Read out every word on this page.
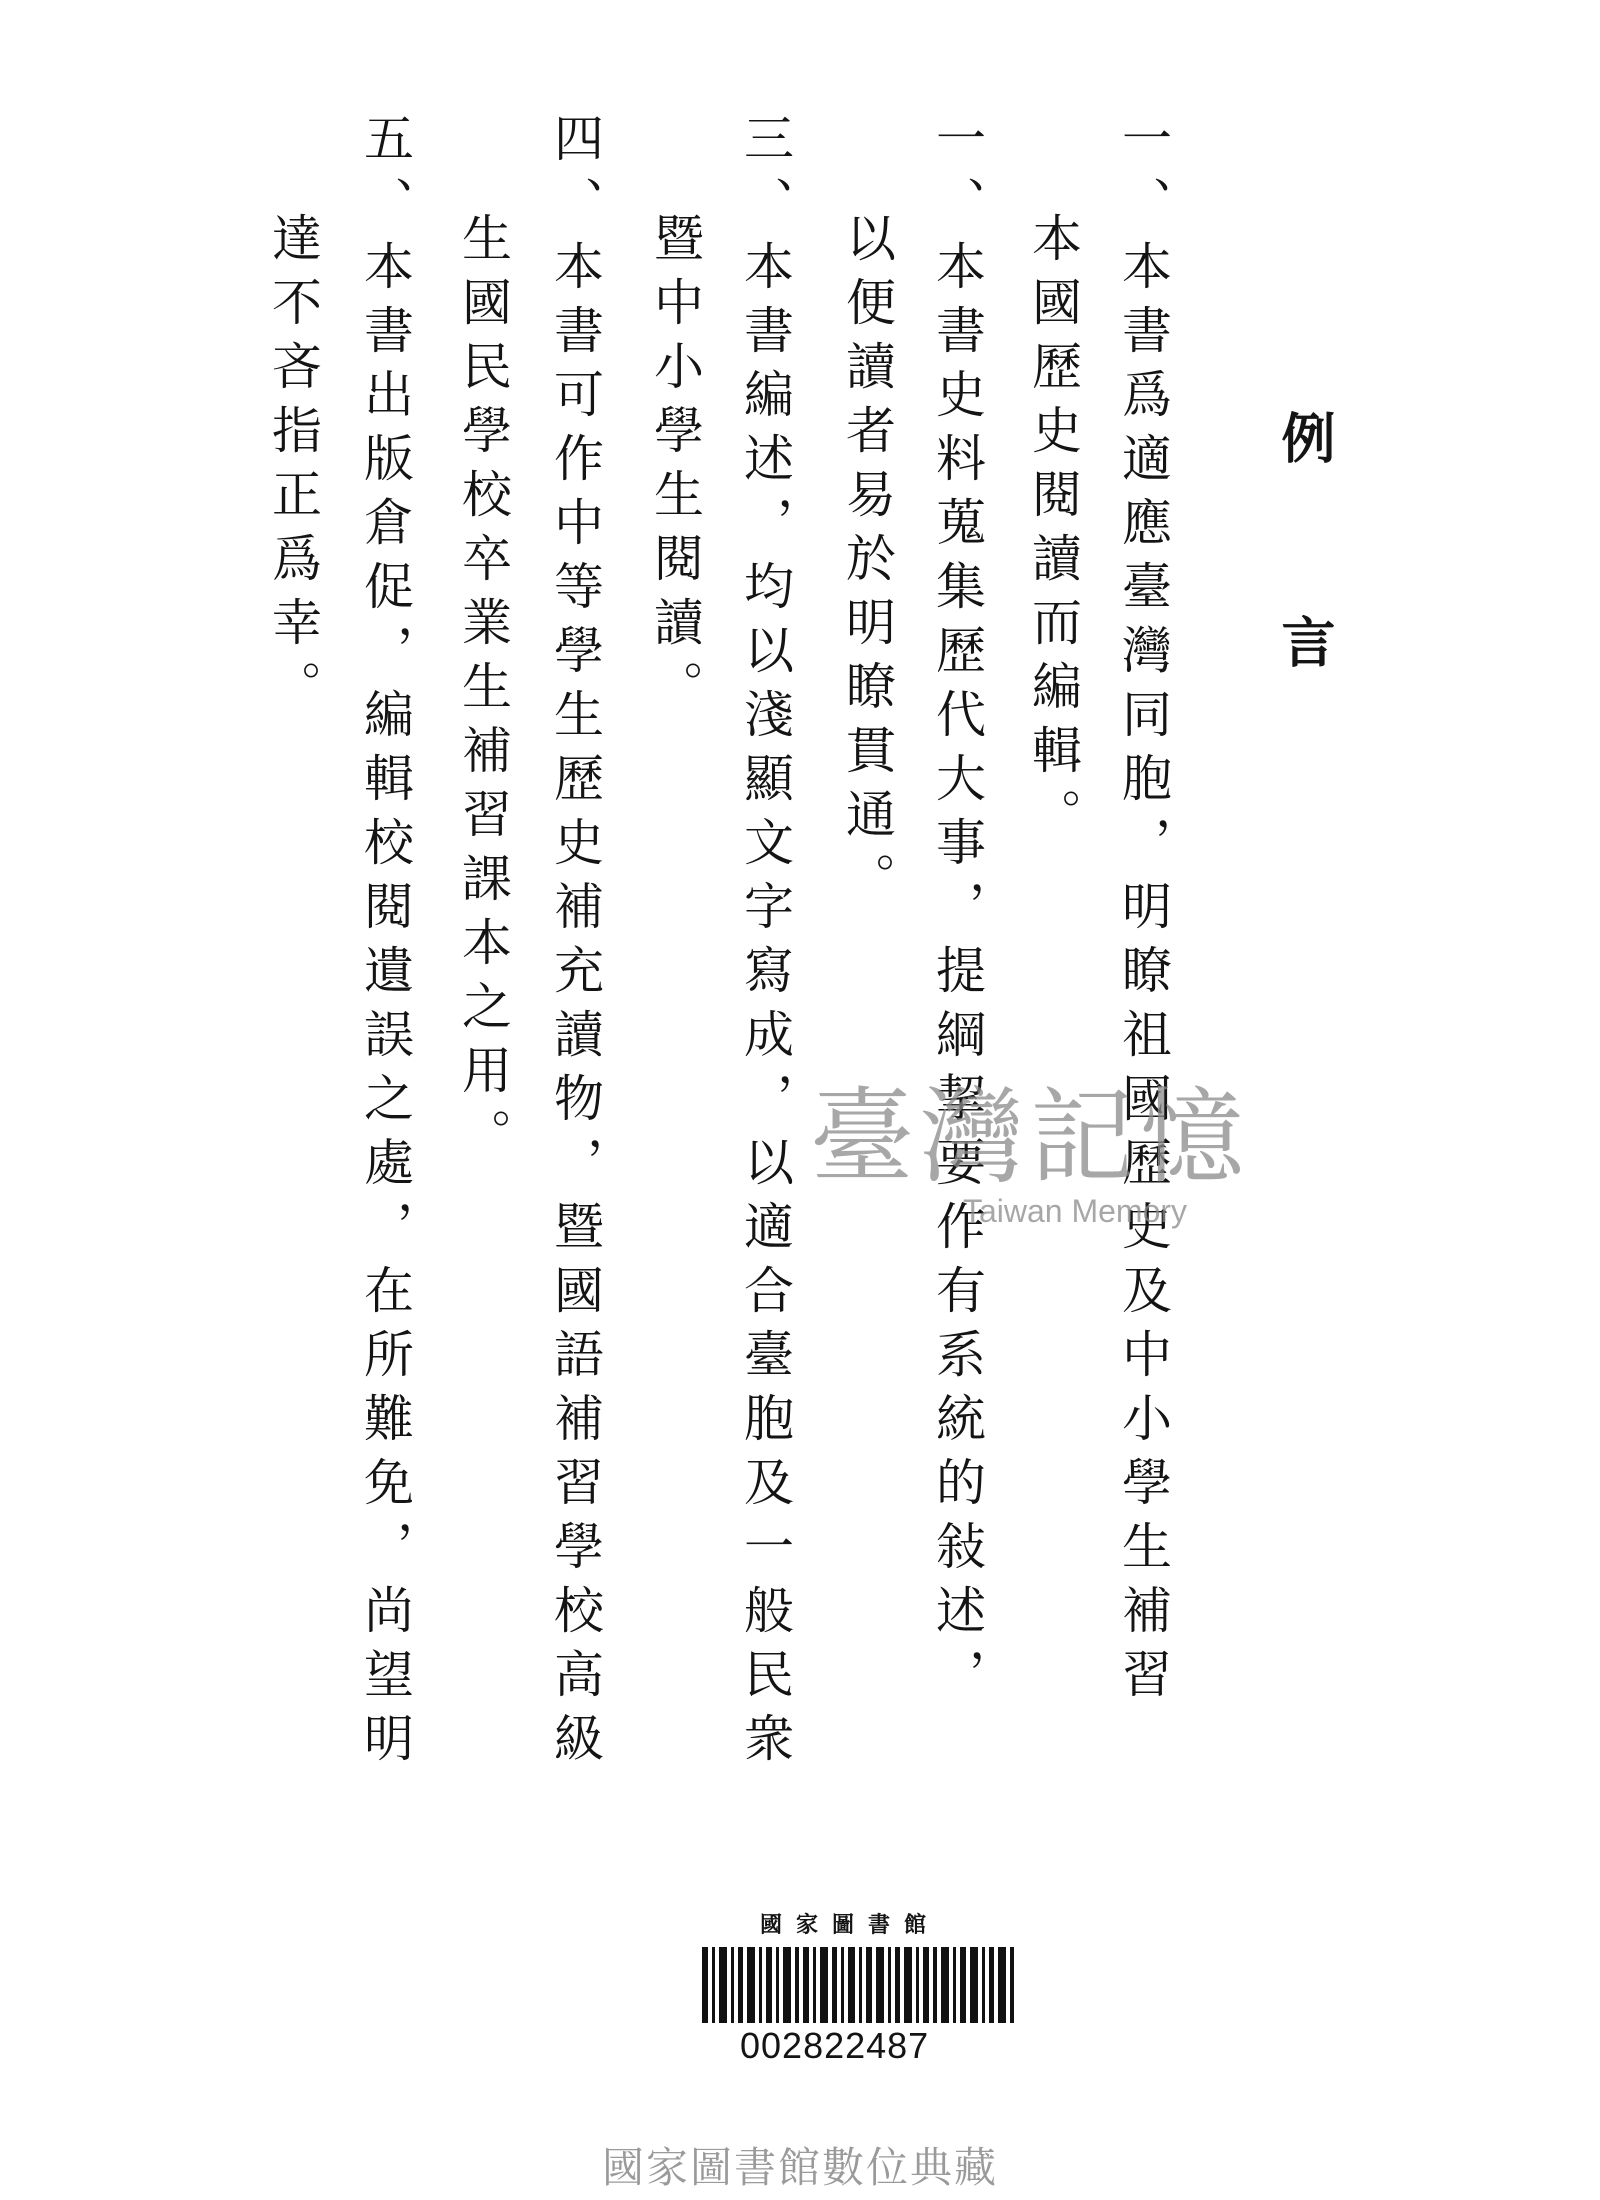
例言
一、本書爲適應臺灣同胞，明瞭祖國歷史及中小學生補習
本國歷史閱讀而編輯。
一、本書史料蒐集歷代大事，提綱挈要作有系統的敍述，
以便讀者易於明瞭貫通。
三、本書編述，均以淺顯文字寫成，以適合臺胞及一般民衆
暨中小學生閱讀。
四、本書可作中等學生歷史補充讀物，暨國語補習學校高級
生國民學校卒業生補習課本之用。
五、本書出版倉促，編輯校閱遺誤之處，在所難免，尚望明
達不吝指正爲幸。
臺灣記憶
Taiwan Memory
國家圖書館
002822487
國家圖書館數位典藏
